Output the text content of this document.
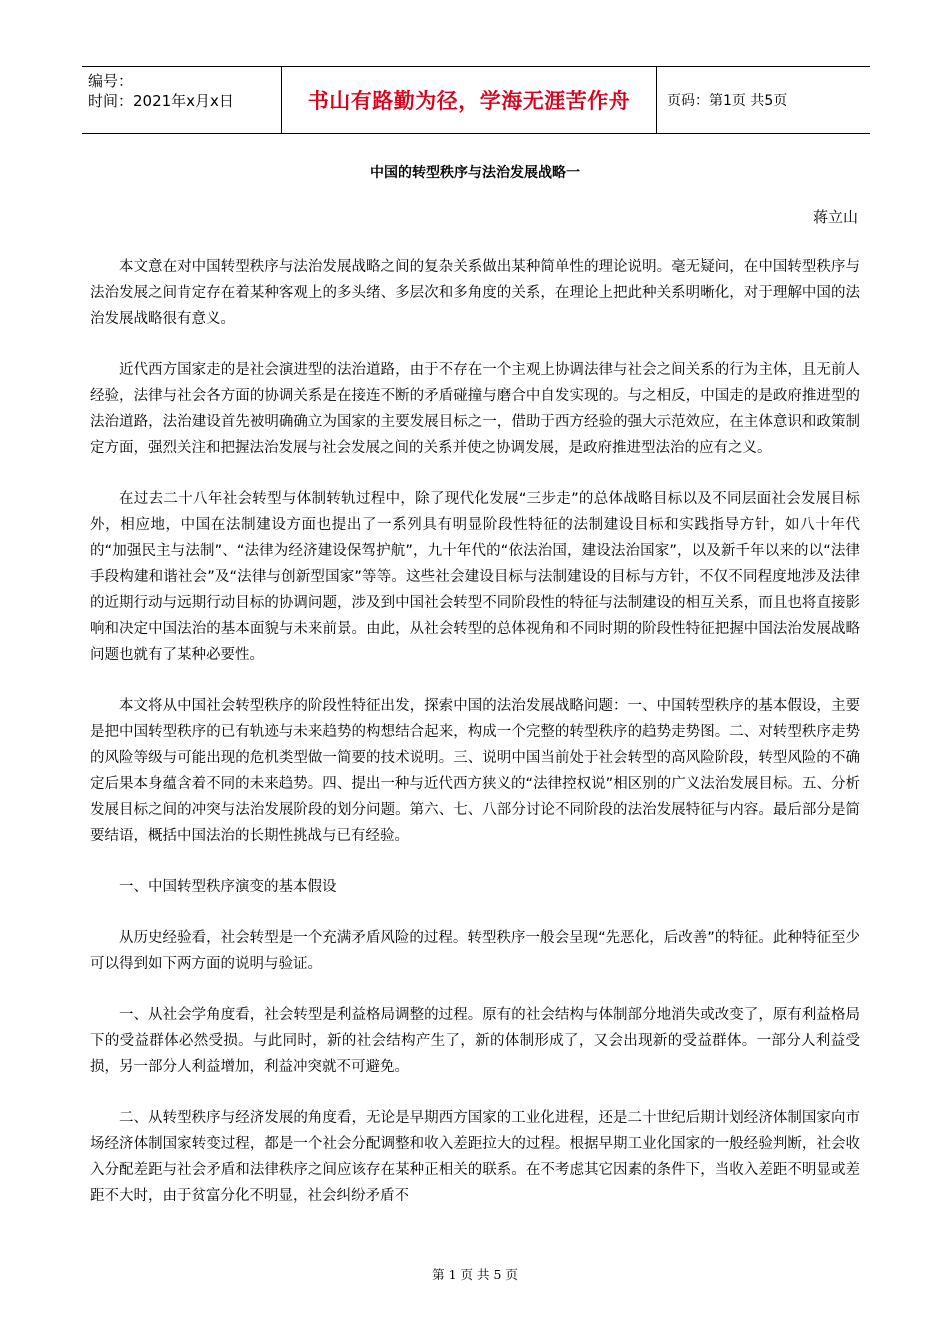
编号：
时间：2021年x月x日	书山有路勤为径，学海无涯苦作舟	页码：第1页 共5页
中国的转型秩序与法治发展战略一
蒋立山

本文意在对中国转型秩序与法治发展战略之间的复杂关系做出某种简单性的理论说明。毫无疑问，在中国转型秩序与法治发展之间肯定存在着某种客观上的多头绪、多层次和多角度的关系，在理论上把此种关系明晰化，对于理解中国的法治发展战略很有意义。

近代西方国家走的是社会演进型的法治道路，由于不存在一个主观上协调法律与社会之间关系的行为主体，且无前人经验，法律与社会各方面的协调关系是在接连不断的矛盾碰撞与磨合中自发实现的。与之相反，中国走的是政府推进型的法治道路，法治建设首先被明确确立为国家的主要发展目标之一，借助于西方经验的强大示范效应，在主体意识和政策制定方面，强烈关注和把握法治发展与社会发展之间的关系并使之协调发展，是政府推进型法治的应有之义。

在过去二十八年社会转型与体制转轨过程中，除了现代化发展“三步走”的总体战略目标以及不同层面社会发展目标外，相应地，中国在法制建设方面也提出了一系列具有明显阶段性特征的法制建设目标和实践指导方针，如八十年代的“加强民主与法制”、“法律为经济建设保驾护航”，九十年代的“依法治国，建设法治国家”，以及新千年以来的以“法律手段构建和谐社会”及“法律与创新型国家”等等。这些社会建设目标与法制建设的目标与方针，不仅不同程度地涉及法律的近期行动与远期行动目标的协调问题，涉及到中国社会转型不同阶段性的特征与法制建设的相互关系，而且也将直接影响和决定中国法治的基本面貌与未来前景。由此，从社会转型的总体视角和不同时期的阶段性特征把握中国法治发展战略问题也就有了某种必要性。

本文将从中国社会转型秩序的阶段性特征出发，探索中国的法治发展战略问题：一、中国转型秩序的基本假设，主要是把中国转型秩序的已有轨迹与未来趋势的构想结合起来，构成一个完整的转型秩序的趋势走势图。二、对转型秩序走势的风险等级与可能出现的危机类型做一简要的技术说明。三、说明中国当前处于社会转型的高风险阶段，转型风险的不确定后果本身蕴含着不同的未来趋势。四、提出一种与近代西方狭义的“法律控权说”相区别的广义法治发展目标。五、分析发展目标之间的冲突与法治发展阶段的划分问题。第六、七、八部分讨论不同阶段的法治发展特征与内容。最后部分是简要结语，概括中国法治的长期性挑战与已有经验。

一、中国转型秩序演变的基本假设

从历史经验看，社会转型是一个充满矛盾风险的过程。转型秩序一般会呈现“先恶化，后改善”的特征。此种特征至少可以得到如下两方面的说明与验证。

一、从社会学角度看，社会转型是利益格局调整的过程。原有的社会结构与体制部分地消失或改变了，原有利益格局下的受益群体必然受损。与此同时，新的社会结构产生了，新的体制形成了，又会出现新的受益群体。一部分人利益受损，另一部分人利益增加，利益冲突就不可避免。

二、从转型秩序与经济发展的角度看，无论是早期西方国家的工业化进程，还是二十世纪后期计划经济体制国家向市场经济体制国家转变过程，都是一个社会分配调整和收入差距拉大的过程。根据早期工业化国家的一般经验判断，社会收入分配差距与社会矛盾和法律秩序之间应该存在某种正相关的联系。在不考虑其它因素的条件下，当收入差距不明显或差距不大时，由于贫富分化不明显，社会纠纷矛盾不

第 1 页 共 5 页
